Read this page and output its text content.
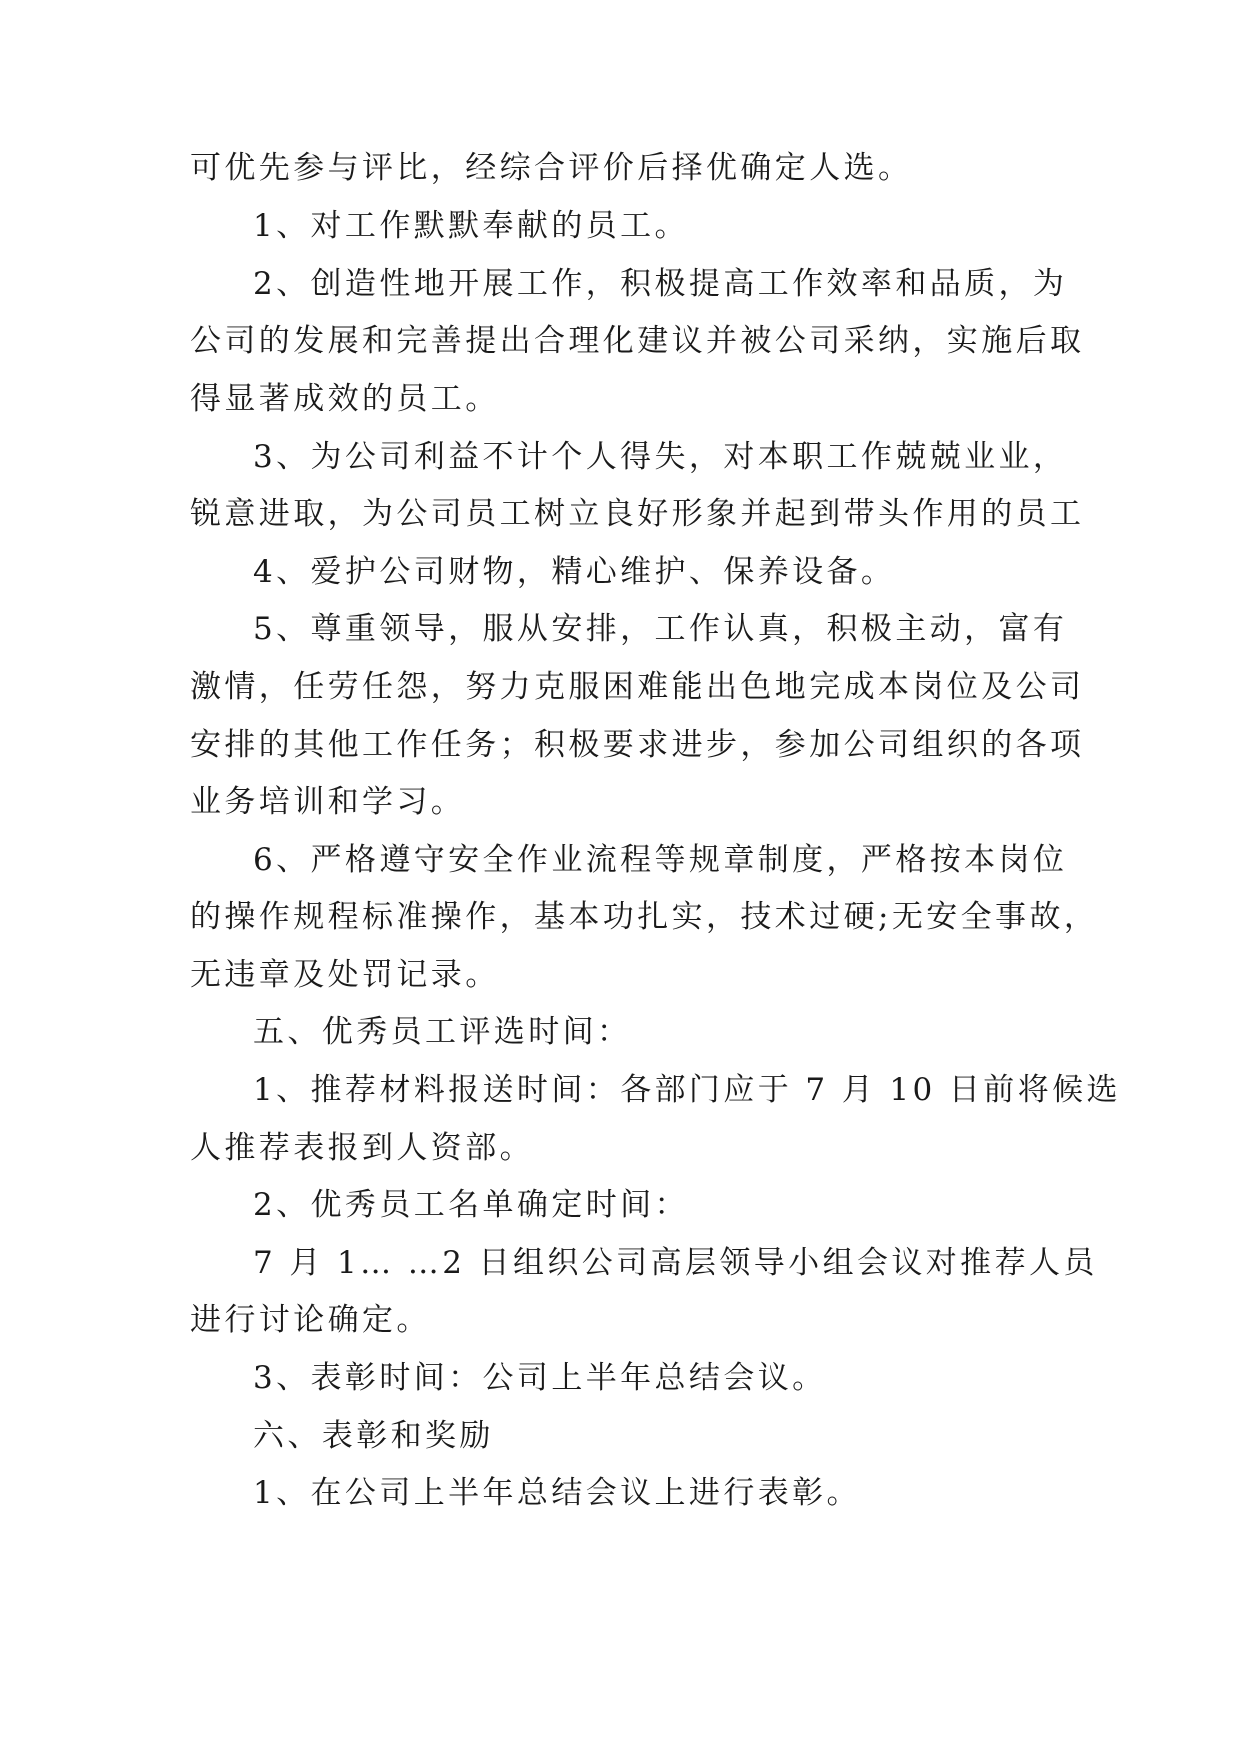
可优先参与评比，经综合评价后择优确定人选。
1、对工作默默奉献的员工。
2、创造性地开展工作，积极提高工作效率和品质，为
公司的发展和完善提出合理化建议并被公司采纳，实施后取
得显著成效的员工。
3、为公司利益不计个人得失，对本职工作兢兢业业，
锐意进取，为公司员工树立良好形象并起到带头作用的员工
4、爱护公司财物，精心维护、保养设备。
5、尊重领导，服从安排，工作认真，积极主动，富有
激情，任劳任怨，努力克服困难能出色地完成本岗位及公司
安排的其他工作任务；积极要求进步，参加公司组织的各项
业务培训和学习。
6、严格遵守安全作业流程等规章制度，严格按本岗位
的操作规程标准操作，基本功扎实，技术过硬;无安全事故，
无违章及处罚记录。
五、优秀员工评选时间：
1、推荐材料报送时间：各部门应于 7 月 10 日前将候选
人推荐表报到人资部。
2、优秀员工名单确定时间：
7 月 1… …2 日组织公司高层领导小组会议对推荐人员
进行讨论确定。
3、表彰时间：公司上半年总结会议。
六、表彰和奖励
1、在公司上半年总结会议上进行表彰。
